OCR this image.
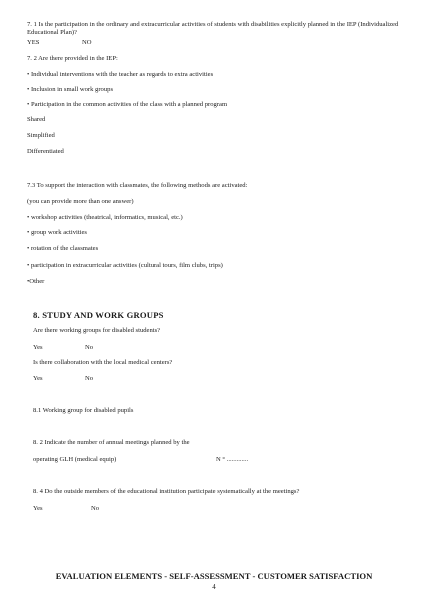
7. 1 Is the participation in the ordinary and extracurricular activities of students with disabilities explicitly planned in the IEP (Individualized Educational Plan)?
YES	NO
7. 2 Are there provided in the IEP:
• Individual interventions with the teacher as regards to extra activities
• Inclusion in small work groups
• Participation in the common activities of the class with a planned program
Shared
Simplified
Differentiated
7.3 To support the interaction with classmates, the following methods are activated:
(you can provide more than one answer)
• workshop activities (theatrical, informatics, musical, etc.)
• group work activities
• rotation of the classmates
• participation in extracurricular activities (cultural tours, film clubs, trips)
•Other
8. STUDY AND WORK GROUPS
Are there working groups for disabled students?
Yes	No
Is there collaboration with the local medical centers?
Yes	No
8.1 Working group for disabled pupils
8. 2 Indicate the number of annual meetings planned by the
operating GLH (medical equip)	N ° .............
8. 4 Do the outside members of the educational institution participate systematically at the meetings?
Yes	No
EVALUATION ELEMENTS - SELF-ASSESSMENT - CUSTOMER SATISFACTION
4
